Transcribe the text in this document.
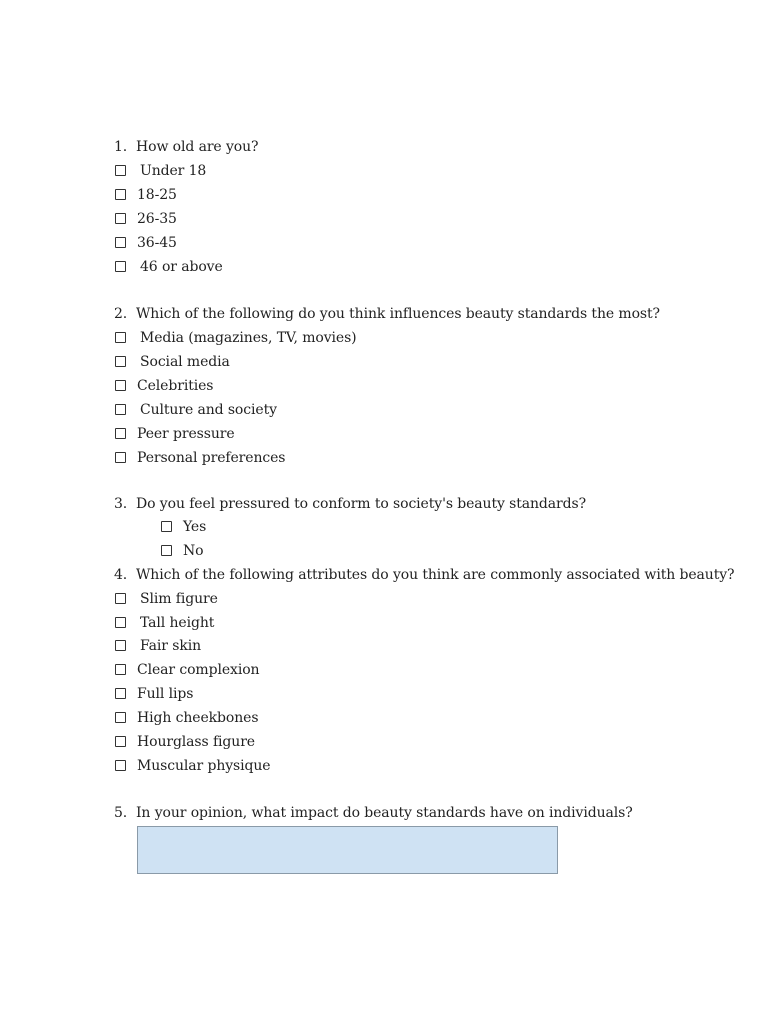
1. How old are you?
Under 18
18-25
26-35
36-45
46 or above
2. Which of the following do you think influences beauty standards the most?
Media (magazines, TV, movies)
Social media
Celebrities
Culture and society
Peer pressure
Personal preferences
3. Do you feel pressured to conform to society's beauty standards?
Yes
No
4. Which of the following attributes do you think are commonly associated with beauty?
Slim figure
Tall height
Fair skin
Clear complexion
Full lips
High cheekbones
Hourglass figure
Muscular physique
5. In your opinion, what impact do beauty standards have on individuals?
